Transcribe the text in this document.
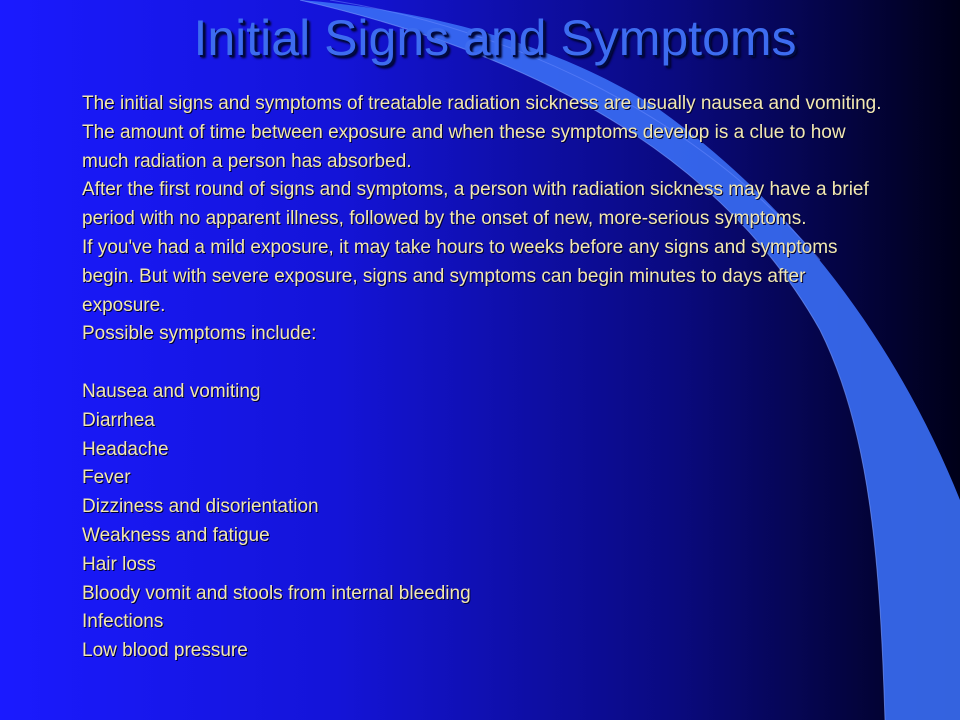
Initial Signs and Symptoms

The initial signs and symptoms of treatable radiation sickness are usually nausea and vomiting. The amount of time between exposure and when these symptoms develop is a clue to how much radiation a person has absorbed.

After the first round of signs and symptoms, a person with radiation sickness may have a brief period with no apparent illness, followed by the onset of new, more-serious symptoms.

If you've had a mild exposure, it may take hours to weeks before any signs and symptoms begin. But with severe exposure, signs and symptoms can begin minutes to days after exposure.

Possible symptoms include:

Nausea and vomiting
Diarrhea
Headache
Fever
Dizziness and disorientation
Weakness and fatigue
Hair loss
Bloody vomit and stools from internal bleeding
Infections
Low blood pressure
